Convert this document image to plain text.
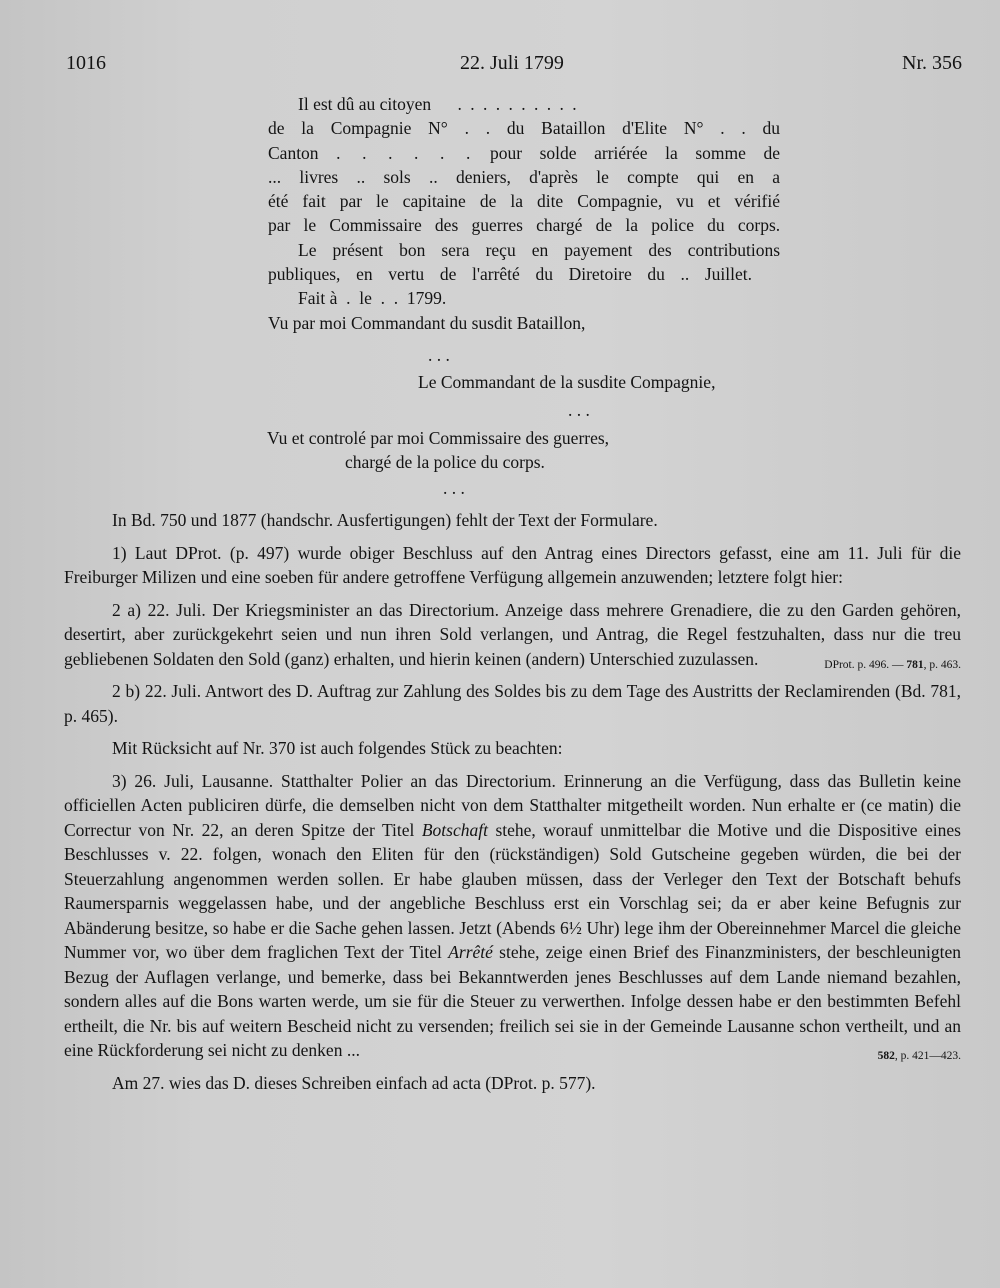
1016	22. Juli 1799	Nr. 356
Il est dû au citoyen . . . . . . . . . .
de la Compagnie N° . . du Bataillon d'Elite N° . . du
Canton . . . . . . pour solde arriérée la somme de
... livres .. sols .. deniers, d'après le compte qui en a
été fait par le capitaine de la dite Compagnie, vu et vérifié
par le Commissaire des guerres chargé de la police du corps.
Le présent bon sera reçu en payement des contributions
publiques, en vertu de l'arrêté du Diretoire du .. Juillet.
Fait à  .  le  .  .  1799.
Vu par moi Commandant du susdit Bataillon,
. . .
Le Commandant de la susdite Compagnie,
. . .
Vu et controlé par moi Commissaire des guerres,
chargé de la police du corps.
. . .

In Bd. 750 und 1877 (handschr. Ausfertigungen) fehlt der Text der Formulare.

1) Laut DProt. (p. 497) wurde obiger Beschluss auf den Antrag eines Directors gefasst, eine am 11. Juli für die Freiburger Milizen und eine soeben für andere getroffene Verfügung allgemein anzuwenden; letztere folgt hier:

2 a) 22. Juli. Der Kriegsminister an das Directorium. Anzeige dass mehrere Grenadiere, die zu den Garden gehören, desertirt, aber zurückgekehrt seien und nun ihren Sold verlangen, und Antrag, die Regel festzuhalten, dass nur die treu gebliebenen Soldaten den Sold (ganz) erhalten, und hierin keinen (andern) Unterschied zuzulassen.	DProt. p. 496. — 781, p. 463.

2 b) 22. Juli. Antwort des D. Auftrag zur Zahlung des Soldes bis zu dem Tage des Austritts der Reclamirenden (Bd. 781, p. 465).

Mit Rücksicht auf Nr. 370 ist auch folgendes Stück zu beachten:

3) 26. Juli, Lausanne. Statthalter Polier an das Directorium. Erinnerung an die Verfügung, dass das Bulletin keine officiellen Acten publiciren dürfe, die demselben nicht von dem Statthalter mitgetheilt worden. Nun erhalte er (ce matin) die Correctur von Nr. 22, an deren Spitze der Titel Botschaft stehe, worauf unmittelbar die Motive und die Dispositive eines Beschlusses v. 22. folgen, wonach den Eliten für den (rückständigen) Sold Gutscheine gegeben würden, die bei der Steuerzahlung angenommen werden sollen. Er habe glauben müssen, dass der Verleger den Text der Botschaft behufs Raumersparnis weggelassen habe, und der angebliche Beschluss erst ein Vorschlag sei; da er aber keine Befugnis zur Abänderung besitze, so habe er die Sache gehen lassen. Jetzt (Abends 6½ Uhr) lege ihm der Obereinnehmer Marcel die gleiche Nummer vor, wo über dem fraglichen Text der Titel Arrêté stehe, zeige einen Brief des Finanzministers, der beschleunigten Bezug der Auflagen verlange, und bemerke, dass bei Bekanntwerden jenes Beschlusses auf dem Lande niemand bezahlen, sondern alles auf die Bons warten werde, um sie für die Steuer zu verwerthen. Infolge dessen habe er den bestimmten Befehl ertheilt, die Nr. bis auf weitern Bescheid nicht zu versenden; freilich sei sie in der Gemeinde Lausanne schon vertheilt, und an eine Rückforderung sei nicht zu denken ...	582, p. 421—423.

Am 27. wies das D. dieses Schreiben einfach ad acta (DProt. p. 577).
